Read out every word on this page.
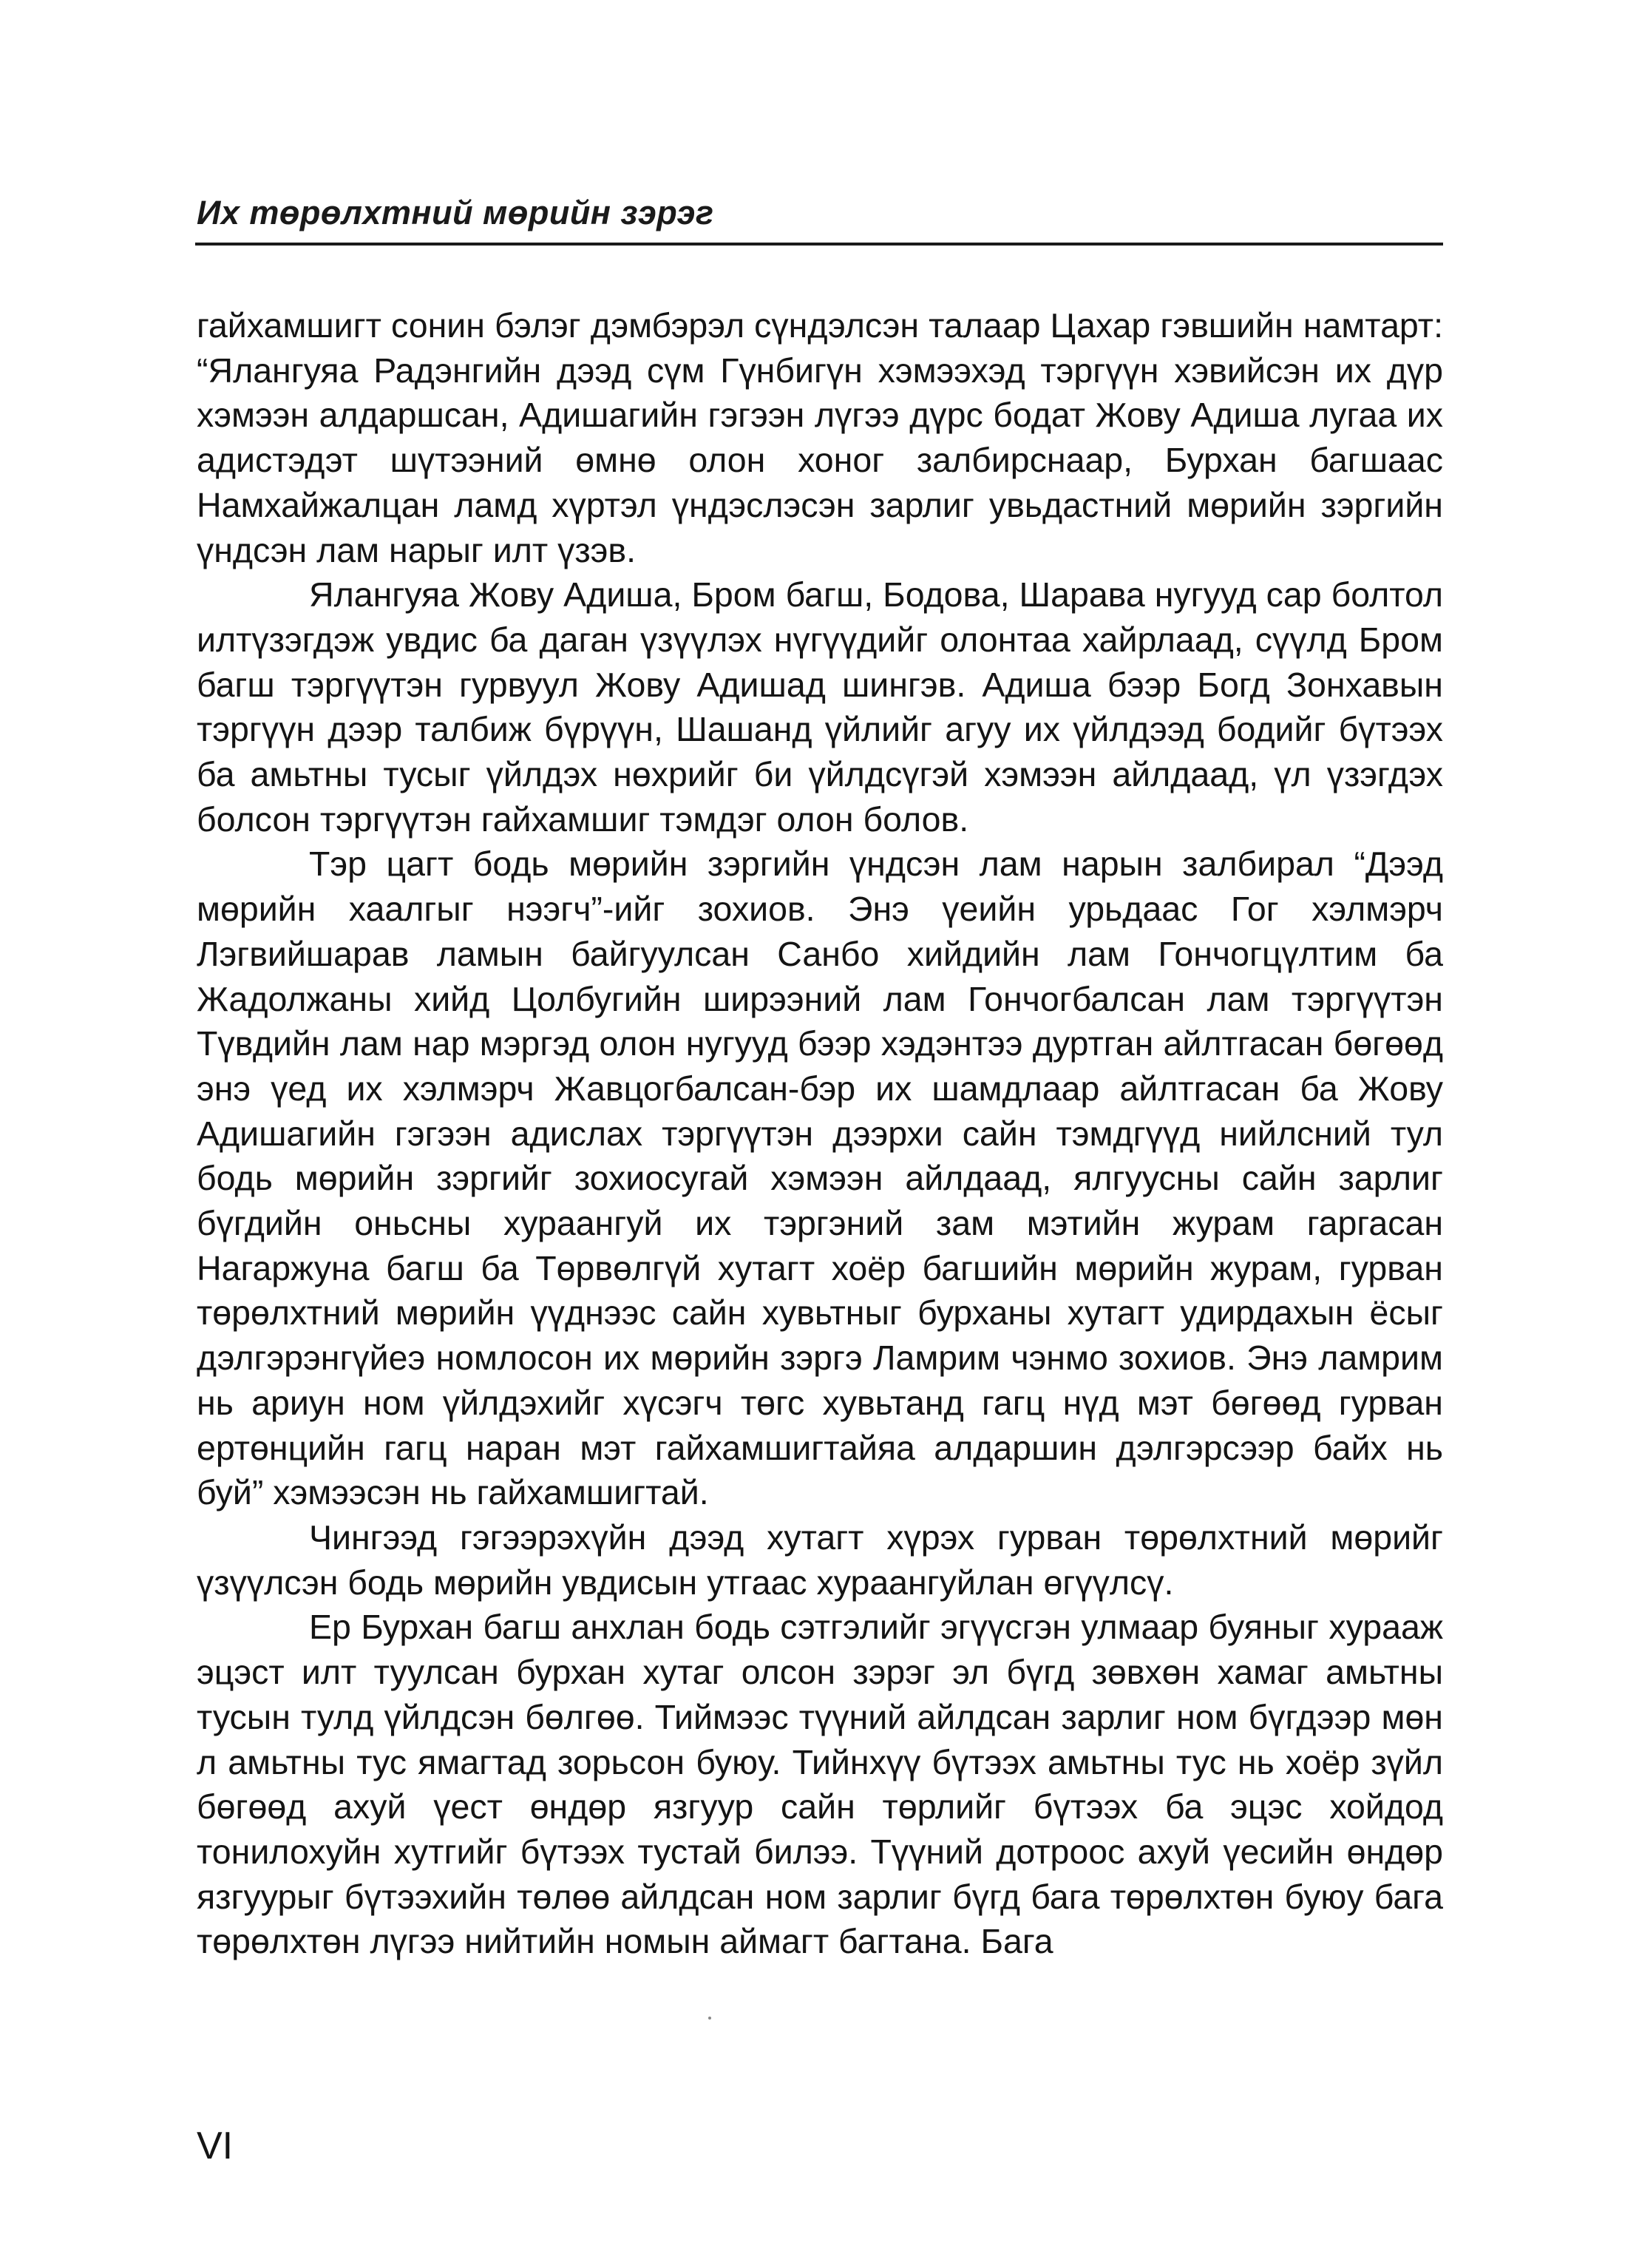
Их төрөлхтний мөрийн зэрэг

гайхамшигт сонин бэлэг дэмбэрэл сүндэлсэн талаар Цахар гэвшийн намтарт: “Ялангуяа Радэнгийн дээд сүм Гүнбигүн хэмээхэд тэргүүн хэвийсэн их дүр хэмээн алдаршсан, Адишагийн гэгээн лүгээ дүрс бодат Жову Адиша лугаа их адистэдэт шүтээний өмнө олон хоног залбирснаар, Бурхан багшаас Намхайжалцан ламд хүртэл үндэслэсэн зарлиг увьдастний мөрийн зэргийн үндсэн лам нарыг илт үзэв.

Ялангуяа Жову Адиша, Бром багш, Бодова, Шарава нугууд сар болтол илтүзэгдэж увдис ба даган үзүүлэх нүгүүдийг олонтаа хайрлаад, сүүлд Бром багш тэргүүтэн гурвуул Жову Адишад шингэв. Адиша бээр Богд Зонхавын тэргүүн дээр талбиж бүрүүн, Шашанд үйлийг агуу их үйлдээд бодийг бүтээх ба амьтны тусыг үйлдэх нөхрийг би үйлдсүгэй хэмээн айлдаад, үл үзэгдэх болсон тэргүүтэн гайхамшиг тэмдэг олон болов.

Тэр цагт бодь мөрийн зэргийн үндсэн лам нарын залбирал “Дээд мөрийн хаалгыг нээгч”-ийг зохиов. Энэ үеийн урьдаас Гог хэлмэрч Лэгвийшарав ламын байгуулсан Санбо хийдийн лам Гончогцүлтим ба Жадолжаны хийд Цолбугийн ширээний лам Гончогбалсан лам тэргүүтэн Түвдийн лам нар мэргэд олон нугууд бээр хэдэнтээ дуртган айлтгасан бөгөөд энэ үед их хэлмэрч Жавцогбалсан-бэр их шамдлаар айлтгасан ба Жову Адишагийн гэгээн адислах тэргүүтэн дээрхи сайн тэмдгүүд нийлсний тул бодь мөрийн зэргийг зохиосугай хэмээн айлдаад, ялгуусны сайн зарлиг бүгдийн оньсны хураангуй их тэргэний зам мэтийн журам гаргасан Нагаржуна багш ба Төрвөлгүй хутагт хоёр багшийн мөрийн журам, гурван төрөлхтний мөрийн үүднээс сайн хувьтныг бурханы хутагт удирдахын ёсыг дэлгэрэнгүйеэ номлосон их мөрийн зэргэ Ламрим чэнмо зохиов. Энэ ламрим нь ариун ном үйлдэхийг хүсэгч төгс хувьтанд гагц нүд мэт бөгөөд гурван ертөнцийн гагц наран мэт гайхамшигтайяа алдаршин дэлгэрсээр байх нь буй” хэмээсэн нь гайхамшигтай.

Чингээд гэгээрэхүйн дээд хутагт хүрэх гурван төрөлхтний мөрийг үзүүлсэн бодь мөрийн увдисын утгаас хураангуйлан өгүүлсү.

Ер Бурхан багш анхлан бодь сэтгэлийг эгүүсгэн улмаар буяныг хурааж эцэст илт туулсан бурхан хутаг олсон зэрэг эл бүгд зөвхөн хамаг амьтны тусын тулд үйлдсэн бөлгөө. Тиймээс түүний айлдсан зарлиг ном бүгдээр мөн л амьтны тус ямагтад зорьсон буюу. Тийнхүү бүтээх амьтны тус нь хоёр зүйл бөгөөд ахуй үест өндөр язгуур сайн төрлийг бүтээх ба эцэс хойдод тонилохуйн хутгийг бүтээх тустай билээ. Түүний дотроос ахуй үесийн өндөр язгуурыг бүтээхийн төлөө айлдсан ном зарлиг бүгд бага төрөлхтөн буюу бага төрөлхтөн лүгээ нийтийн номын аймагт багтана. Бага

VI
